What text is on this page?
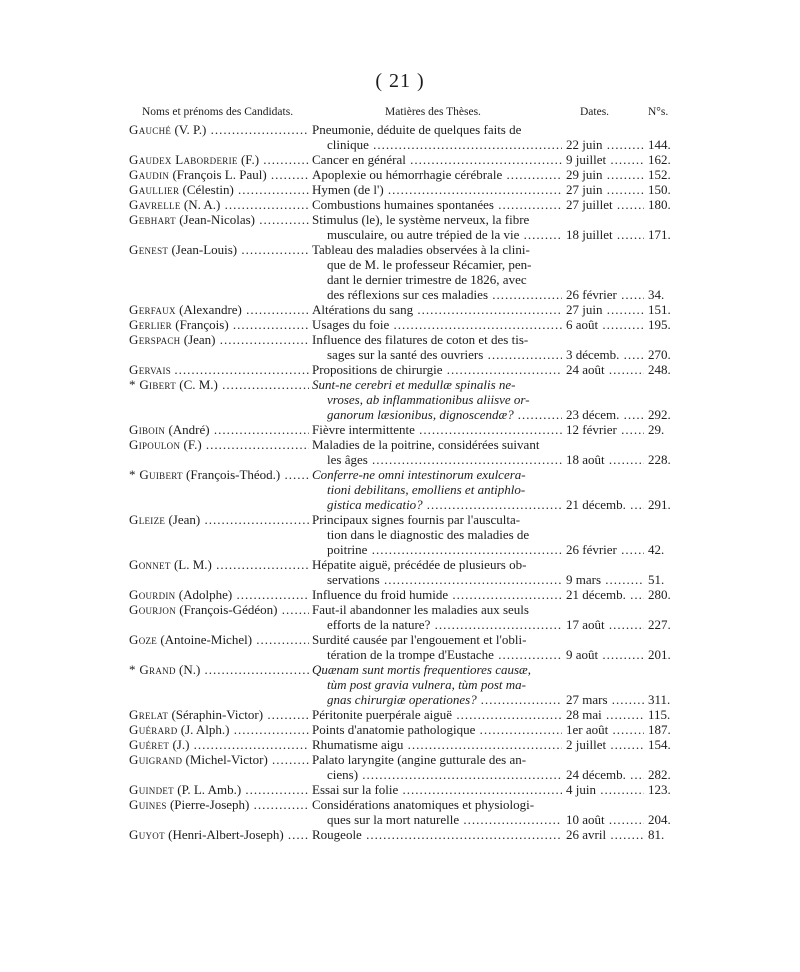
( 21 )
Noms et prénoms des Candidats.	Matières des Thèses.	Dates.	N°s.
Gauché (V. P.) .....	Pneumonie, déduite de quelques faits de
clinique .....	22 juin .....	144.
Gaudex Laborderie (F.) .....	Cancer en général .....	9 juillet .....	162.
Gaudin (François L. Paul) .....	Apoplexie ou hémorrhagie cérébrale .....	29 juin .....	152.
Gaullier (Célestin) .....	Hymen (de l') .....	27 juin .....	150.
Gavrelle (N. A.) .....	Combustions humaines spontanées .....	27 juillet .....	180.
Gebhart (Jean-Nicolas) .....	Stimulus (le), le système nerveux, la fibre
musculaire, ou autre trépied de la vie .....	18 juillet .....	171.
Genest (Jean-Louis) .....	Tableau des maladies observées à la clini-
que de M. le professeur Récamier, pen-
dant le dernier trimestre de 1826, avec
des réflexions sur ces maladies .....	26 février .....	34.
Gerfaux (Alexandre) .....	Altérations du sang .....	27 juin .....	151.
Gerlier (François) .....	Usages du foie .....	6 août .....	195.
Gerspach (Jean) .....	Influence des filatures de coton et des tis-
sages sur la santé des ouvriers .....	3 décemb. .....	270.
Gervais .....	Propositions de chirurgie .....	24 août .....	248.
* Gibert (C. M.) .....	Sunt-ne cerebri et medullæ spinalis ne-
vroses, ab inflammationibus aliisve or-
ganorum læsionibus, dignoscendæ? .....	23 décem. .....	292.
Giboin (André) .....	Fièvre intermittente .....	12 février .....	29.
Gipoulon (F.) .....	Maladies de la poitrine, considérées suivant
les âges .....	18 août .....	228.
* Guibert (François-Théod.) .....	Conferre-ne omni intestinorum exulcera-
tioni debilitans, emolliens et antiphlo-
gistica medicatio? .....	21 décemb. .....	291.
Gleize (Jean) .....	Principaux signes fournis par l'ausculta-
tion dans le diagnostic des maladies de
poitrine .....	26 février .....	42.
Gonnet (L. M.) .....	Hépatite aiguë, précédée de plusieurs ob-
servations .....	9 mars .....	51.
Gourdin (Adolphe) .....	Influence du froid humide .....	21 décemb. .....	280.
Gourjon (François-Gédéon) .....	Faut-il abandonner les maladies aux seuls
efforts de la nature? .....	17 août .....	227.
Goze (Antoine-Michel) .....	Surdité causée par l'engouement et l'obli-
tération de la trompe d'Eustache .....	9 août .....	201.
* Grand (N.) .....	Quænam sunt mortis frequentiores causæ,
tùm post gravia vulnera, tùm post ma-
gnas chirurgiæ operationes? .....	27 mars .....	311.
Grelat (Séraphin-Victor) .....	Péritonite puerpérale aiguë .....	28 mai .....	115.
Guérard (J. Alph.) .....	Points d'anatomie pathologique .....	1er août .....	187.
Guéret (J.) .....	Rhumatisme aigu .....	2 juillet .....	154.
Guigrand (Michel-Victor) .....	Palato laryngite (angine gutturale des an-
ciens) .....	24 décemb. .....	282.
Guindet (P. L. Amb.) .....	Essai sur la folie .....	4 juin .....	123.
Guines (Pierre-Joseph) .....	Considérations anatomiques et physiologi-
ques sur la mort naturelle .....	10 août .....	204.
Guyot (Henri-Albert-Joseph) .....	Rougeole .....	26 avril .....	81.
